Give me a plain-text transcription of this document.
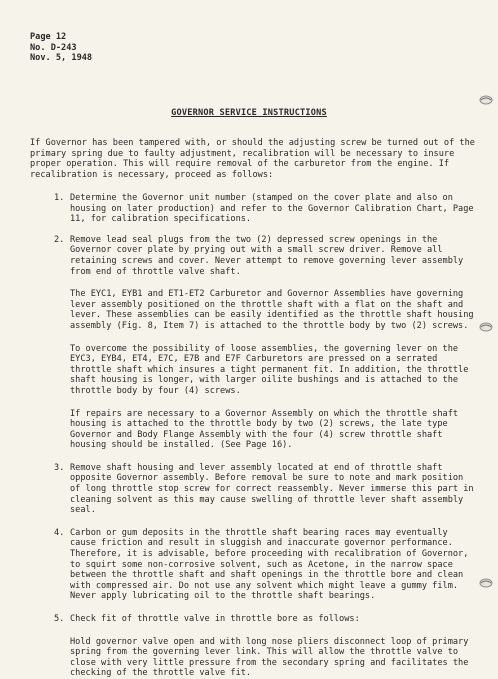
Page 12
No. D-243
Nov. 5, 1948
GOVERNOR SERVICE INSTRUCTIONS
If Governor has been tampered with, or should the adjusting screw be turned out of the primary spring due to faulty adjustment, recalibration will be necessary to insure proper operation. This will require removal of the carburetor from the engine. If recalibration is necessary, proceed as follows:
1. Determine the Governor unit number (stamped on the cover plate and also on housing on later production) and refer to the Governor Calibration Chart, Page 11, for calibration specifications.
2. Remove lead seal plugs from the two (2) depressed screw openings in the Governor cover plate by prying out with a small screw driver. Remove all retaining screws and cover. Never attempt to remove governing lever assembly from end of throttle valve shaft.
The EYC1, EYB1 and ET1-ET2 Carburetor and Governor Assemblies have governing lever assembly positioned on the throttle shaft with a flat on the shaft and lever. These assemblies can be easily identified as the throttle shaft housing assembly (Fig. 8, Item 7) is attached to the throttle body by two (2) screws.
To overcome the possibility of loose assemblies, the governing lever on the EYC3, EYB4, ET4, E7C, E7B and E7F Carburetors are pressed on a serrated throttle shaft which insures a tight permanent fit. In addition, the throttle shaft housing is longer, with larger oilite bushings and is attached to the throttle body by four (4) screws.
If repairs are necessary to a Governor Assembly on which the throttle shaft housing is attached to the throttle body by two (2) screws, the late type Governor and Body Flange Assembly with the four (4) screw throttle shaft housing should be installed. (See Page 16).
3. Remove shaft housing and lever assembly located at end of throttle shaft opposite Governor assembly. Before removal be sure to note and mark position of long throttle stop screw for correct reassembly. Never immerse this part in cleaning solvent as this may cause swelling of throttle lever shaft assembly seal.
4. Carbon or gum deposits in the throttle shaft bearing races may eventually cause friction and result in sluggish and inaccurate governor performance. Therefore, it is advisable, before proceeding with recalibration of Governor, to squirt some non-corrosive solvent, such as Acetone, in the narrow space between the throttle shaft and shaft openings in the throttle bore and clean with compressed air. Do not use any solvent which might leave a gummy film. Never apply lubricating oil to the throttle shaft bearings.
5. Check fit of throttle valve in throttle bore as follows:
Hold governor valve open and with long nose pliers disconnect loop of primary spring from the governing lever link. This will allow the throttle valve to close with very little pressure from the secondary spring and facilitates the checking of the throttle valve fit.
